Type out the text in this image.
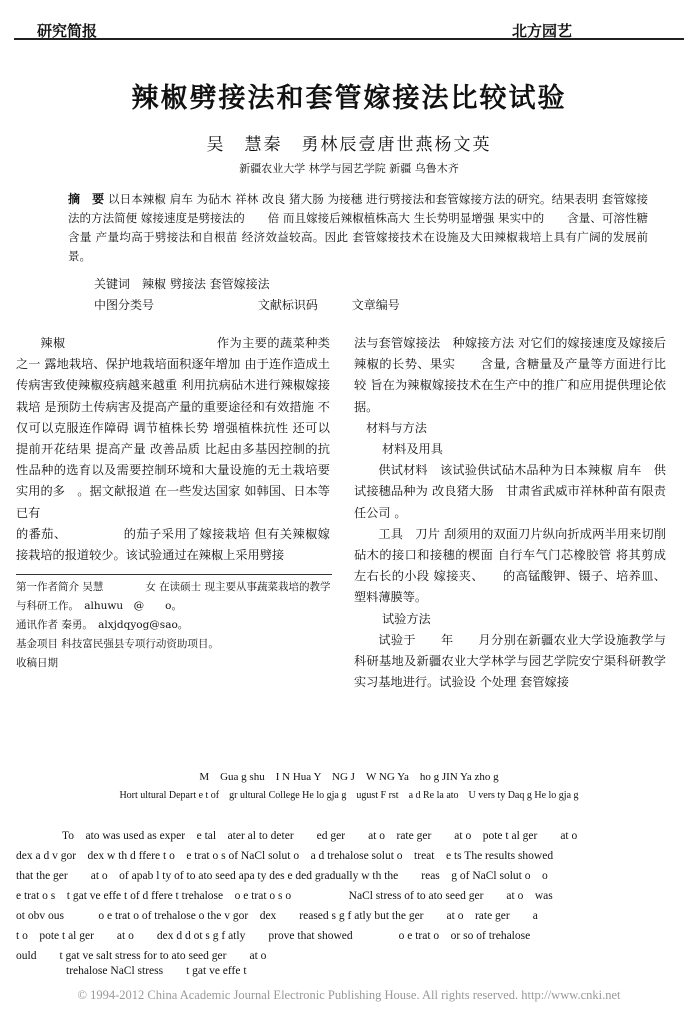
研究简报	北方园艺
辣椒劈接法和套管嫁接法比较试验
吴　慧秦　勇林辰壹唐世燕杨文英
新疆农业大学 林学与园艺学院 新疆 乌鲁木齐
摘　要 以日本辣椒 肩车 为砧木 祥林 改良 猪大肠 为接穗 进行劈接法和套管嫁接方法的研究。结果表明 套管嫁接法的方法简便 嫁接速度是劈接法的　　倍 而且嫁接后辣椒植株高大 生长势明显增强 果实中的　　含量、可溶性糖含量 产量均高于劈接法和自根苗 经济效益较高。因此 套管嫁接技术在设施及大田辣椒栽培上具有广阔的发展前景。
关键词　辣椒 劈接法 套管嫁接法
中图分类号	文献标识码	文章编号

辣椒　　　　　　　　　　　　作为主要的蔬菜种类之一 露地栽培、保护地栽培面积逐年增加 由于连作造成土传病害致使辣椒疫病越来越重 利用抗病砧木进行辣椒嫁接栽培 是预防土传病害及提高产量的重要途径和有效措施 不仅可以克服连作障碍 调节植株长势 增强植株抗性 还可以提前开花结果 提高产量 改善品质 比起由多基因控制的抗性品种的选育以及需要控制环境和大量设施的无土栽培要实用的多　。据文献报道 在一些发达国家 如韩国、日本等 已有

的番茄、　　　　　的茄子采用了嫁接栽培 但有关辣椒嫁接栽培的报道较少。该试验通过在辣椒上采用劈接

法与套管嫁接法　种嫁接方法 对它们的嫁接速度及嫁接后辣椒的长势、果实　　含量, 含糖量及产量等方面进行比较 旨在为辣椒嫁接技术在生产中的推广和应用提供理论依据。

材料与方法

材料及用具

供试材料　该试验供试砧木品种为日本辣椒 肩车　供试接穗品种为 改良猪大肠　甘肃省武威市祥林种苗有限责任公司 。

工具　刀片 刮须用的双面刀片纵向折成两半用来切削砧木的接口和接穗的楔面 自行车气门芯橡胶管 将其剪成　　左右长的小段 嫁接夹、　　的高锰酸钾、镊子、培养皿、塑料薄膜等。

试验方法

试验于　　年　　月分别在新疆农业大学设施教学与科研基地及新疆农业大学林学与园艺学院安宁渠科研教学实习基地进行。试验设 个处理 套管嫁接

第一作者简介 吴慧　　　　女 在读硕士 现主要从事蔬菜栽培的教学与科研工作。　alhuwu　@　　o。

通讯作者 秦勇。　alxjdqyog@sao。

基金项目 科技富民强县专项行动资助项目。

收稿日期

M　Gua g shu　I N Hua Y　NG J　W NG Ya　ho g JIN Ya zho g
Hort ultural Depart e t of　gr ultural College He lo gja g　ugust F rst　a d Re la ato　U vers ty Daq g He lo gja g

To　ato was used as exper　e tal　ater al to deter　　ed ger　　at o　rate ger　　at o　pote t al ger　　at o

dex a d v gor　dex w th d ffere t o　e trat o s of NaCl solut o　a d trehalose solut o　treat　e ts The results showed

that the ger　　at o　of apab l ty of to ato seed apa ty des e ded gradually w th the　　reas　g of NaCl solut o　o

e trat o s　t gat ve effe t of d ffere t trehalose　o e trat o s o　　　　　NaCl stress of to ato seed ger　　at o　was

ot obv ous　　　o e trat o of trehalose o the v gor　dex　　reased s g f atly but the ger　　at o　rate ger　　a

t o　pote t al ger　　at o　　dex d d ot s g f atly　　prove that showed　　　　o e trat o　or so of trehalose

ould　　t gat ve salt stress for to ato seed ger　　at o

trehalose NaCl stress　　t gat ve effe t
© 1994-2012 China Academic Journal Electronic Publishing House. All rights reserved. http://www.cnki.net
